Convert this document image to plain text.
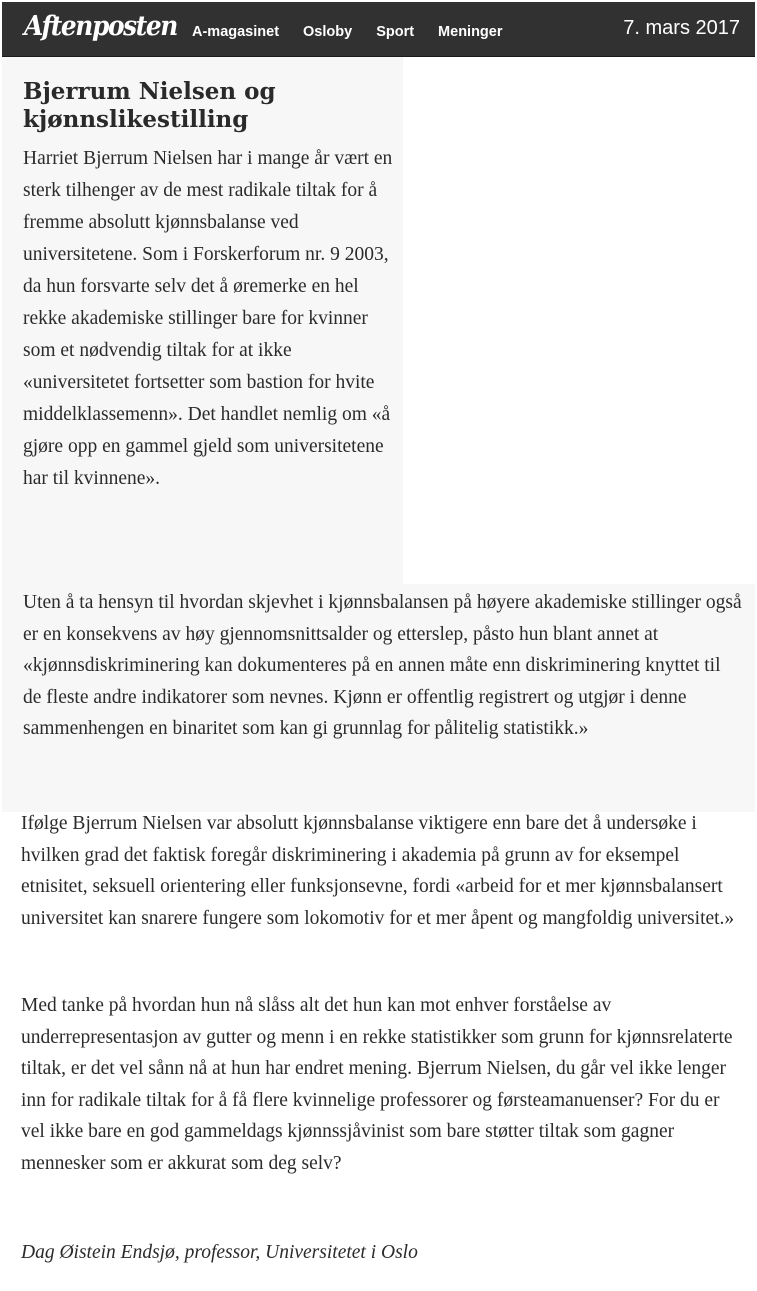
Aftenposten A-magasinet Osloby Sport Meninger	7. mars 2017
Bjerrum Nielsen og kjønnslikestilling

Harriet Bjerrum Nielsen har i mange år vært en sterk tilhenger av de mest radikale tiltak for å fremme absolutt kjønnsbalanse ved universitetene. Som i Forskerforum nr. 9 2003, da hun forsvarte selv det å øremerke en hel rekke akademiske stillinger bare for kvinner som et nødvendig tiltak for at ikke «universitetet fortsetter som bastion for hvite middelklassemenn». Det handlet nemlig om «å gjøre opp en gammel gjeld som universitetene har til kvinnene».

Uten å ta hensyn til hvordan skjevhet i kjønnsbalansen på høyere akademiske stillinger også er en konsekvens av høy gjennomsnittsalder og etterslep, påsto hun blant annet at «kjønnsdiskriminering kan dokumenteres på en annen måte enn diskriminering knyttet til de fleste andre indikatorer som nevnes. Kjønn er offentlig registrert og utgjør i denne sammenhengen en binaritet som kan gi grunnlag for pålitelig statistikk.»

Ifølge Bjerrum Nielsen var absolutt kjønnsbalanse viktigere enn bare det å undersøke i hvilken grad det faktisk foregår diskriminering i akademia på grunn av for eksempel etnisitet, seksuell orientering eller funksjonsevne, fordi «arbeid for et mer kjønnsbalansert universitet kan snarere fungere som lokomotiv for et mer åpent og mangfoldig universitet.»

Med tanke på hvordan hun nå slåss alt det hun kan mot enhver forståelse av underrepresentasjon av gutter og menn i en rekke statistikker som grunn for kjønnsrelaterte tiltak, er det vel sånn nå at hun har endret mening. Bjerrum Nielsen, du går vel ikke lenger inn for radikale tiltak for å få flere kvinnelige professorer og førsteamanuenser? For du er vel ikke bare en god gammeldags kjønnssjåvinist som bare støtter tiltak som gagner mennesker som er akkurat som deg selv?

Dag Øistein Endsjø, professor, Universitetet i Oslo
